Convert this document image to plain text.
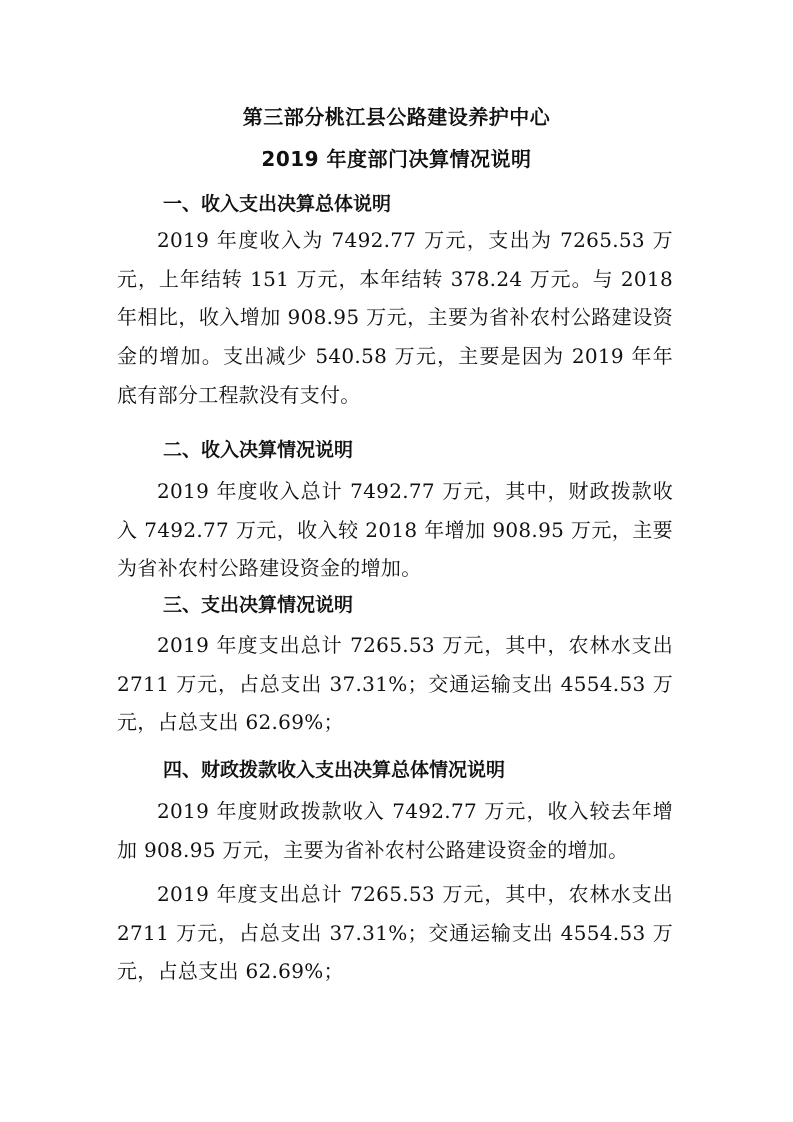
第三部分桃江县公路建设养护中心
2019 年度部门决算情况说明
一、收入支出决算总体说明
2019 年度收入为 7492.77 万元，支出为 7265.53 万元，上年结转 151 万元，本年结转 378.24 万元。与 2018 年相比，收入增加 908.95 万元，主要为省补农村公路建设资金的增加。支出减少 540.58 万元，主要是因为 2019 年年底有部分工程款没有支付。
二、收入决算情况说明
2019 年度收入总计 7492.77 万元，其中，财政拨款收入 7492.77 万元，收入较 2018 年增加 908.95 万元，主要为省补农村公路建设资金的增加。
三、支出决算情况说明
2019 年度支出总计 7265.53 万元，其中，农林水支出 2711 万元，占总支出 37.31%；交通运输支出 4554.53 万元，占总支出 62.69%；
四、财政拨款收入支出决算总体情况说明
2019 年度财政拨款收入 7492.77 万元，收入较去年增加 908.95 万元，主要为省补农村公路建设资金的增加。
2019 年度支出总计 7265.53 万元，其中，农林水支出 2711 万元，占总支出 37.31%；交通运输支出 4554.53 万元，占总支出 62.69%；
